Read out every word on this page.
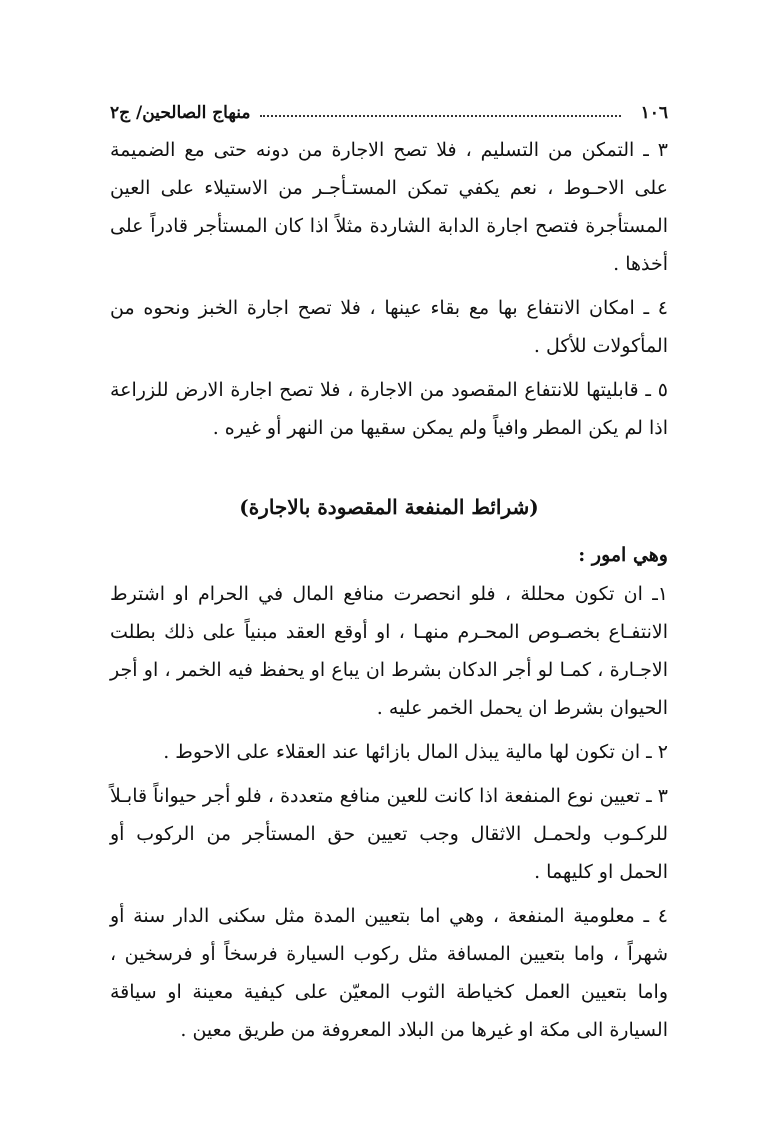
١٠٦
منهاج الصالحين/ ج٢

٣ ـ التمكن من التسليم ، فلا تصح الاجارة من دونه حتى مع الضميمة على الاحـوط ، نعم يكفي تمكن المستـأجـر من الاستيلاء على العين المستأجرة فتصح اجارة الدابة الشاردة مثلاً اذا كان المستأجر قادراً على أخذها .

٤ ـ امكان الانتفاع بها مع بقاء عينها ، فلا تصح اجارة الخبز ونحوه من المأكولات للأكل .

٥ ـ قابليتها للانتفاع المقصود من الاجارة ، فلا تصح اجارة الارض للزراعة اذا لم يكن المطر وافياً ولم يمكن سقيها من النهر أو غيره .

(شرائط المنفعة المقصودة بالاجارة)

وهي امور :

١ـ ان تكون محللة ، فلو انحصرت منافع المال في الحرام او اشترط الانتفـاع بخصـوص المحـرم منهـا ، او أوقع العقد مبنياً على ذلك بطلت الاجـارة ، كمـا لو أجر الدكان بشرط ان يباع او يحفظ فيه الخمر ، او أجر الحيوان بشرط ان يحمل الخمر عليه .

٢ ـ ان تكون لها مالية يبذل المال بازائها عند العقلاء على الاحوط .

٣ ـ تعيين نوع المنفعة اذا كانت للعين منافع متعددة ، فلو أجر حيواناً قابـلاً للركـوب ولحمـل الاثقال وجب تعيين حق المستأجر من الركوب أو الحمل او كليهما .

٤ ـ معلومية المنفعة ، وهي اما بتعيين المدة مثل سكنى الدار سنة أو شهراً ، واما بتعيين المسافة مثل ركوب السيارة فرسخاً أو فرسخين ، واما بتعيين العمل كخياطة الثوب المعيّن على كيفية معينة او سياقة السيارة الى مكة او غيرها من البلاد المعروفة من طريق معين .
